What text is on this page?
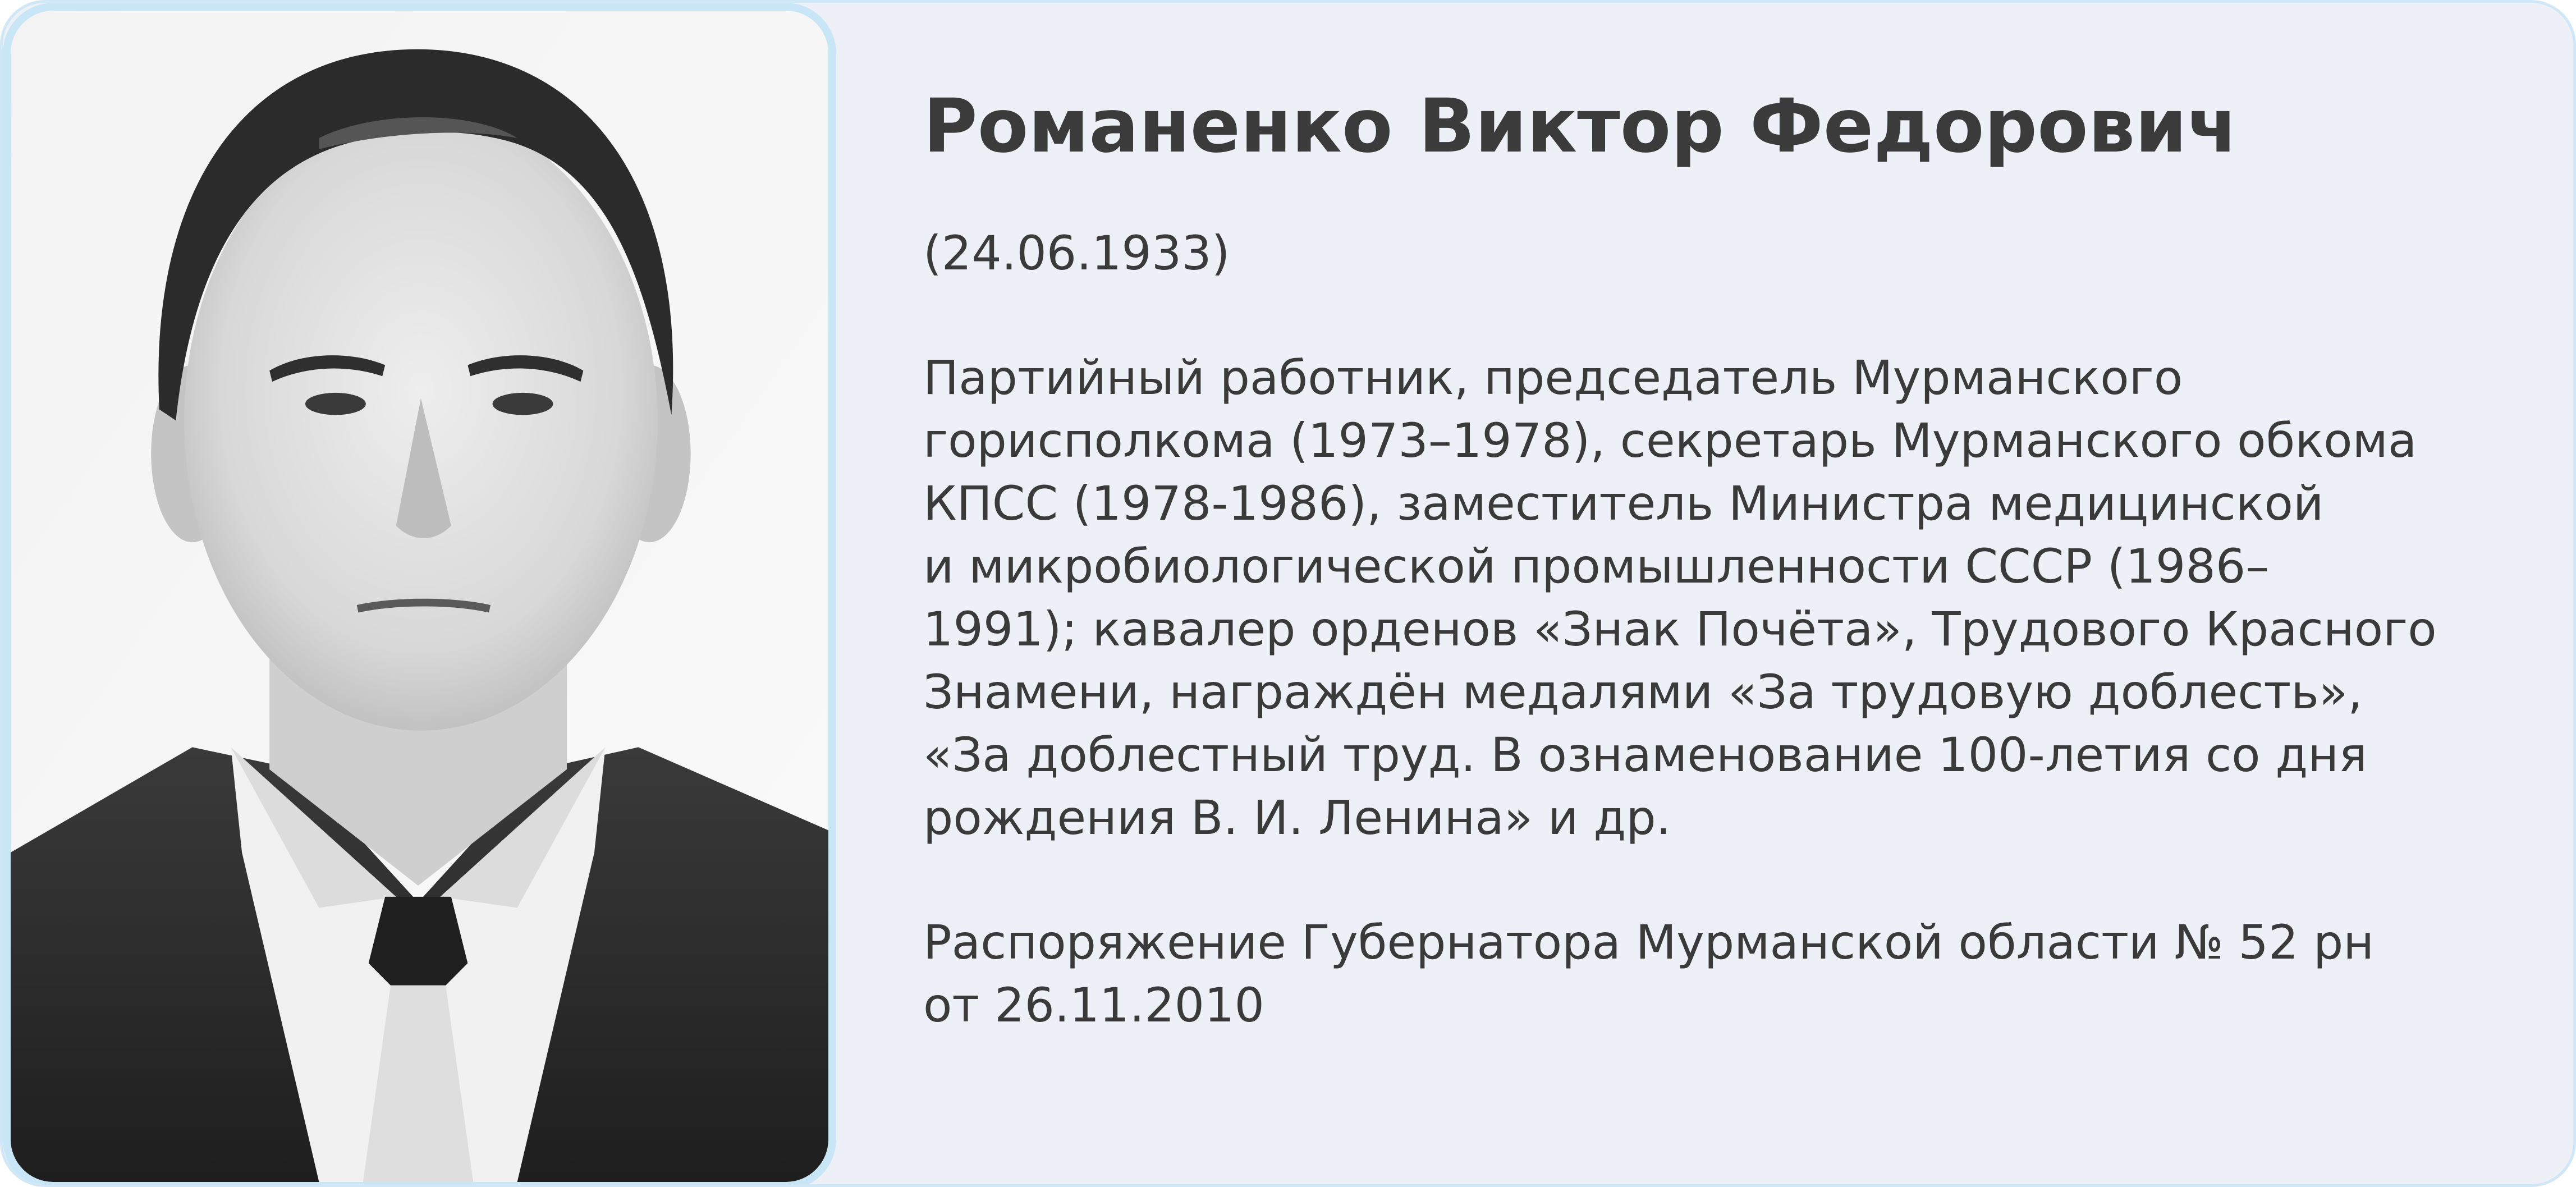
Романенко Виктор Федорович
(24.06.1933)
Партийный работник, председатель Мурманского
горисполкома (1973–1978), секретарь Мурманского обкома
КПСС (1978-1986), заместитель Министра медицинской
и микробиологической промышленности СССР (1986–
1991); кавалер орденов «Знак Почёта», Трудового Красного
Знамени, награждён медалями «За трудовую доблесть»,
«За доблестный труд. В ознаменование 100-летия со дня
рождения В. И. Ленина» и др.
Распоряжение Губернатора Мурманской области № 52 рн
от 26.11.2010
